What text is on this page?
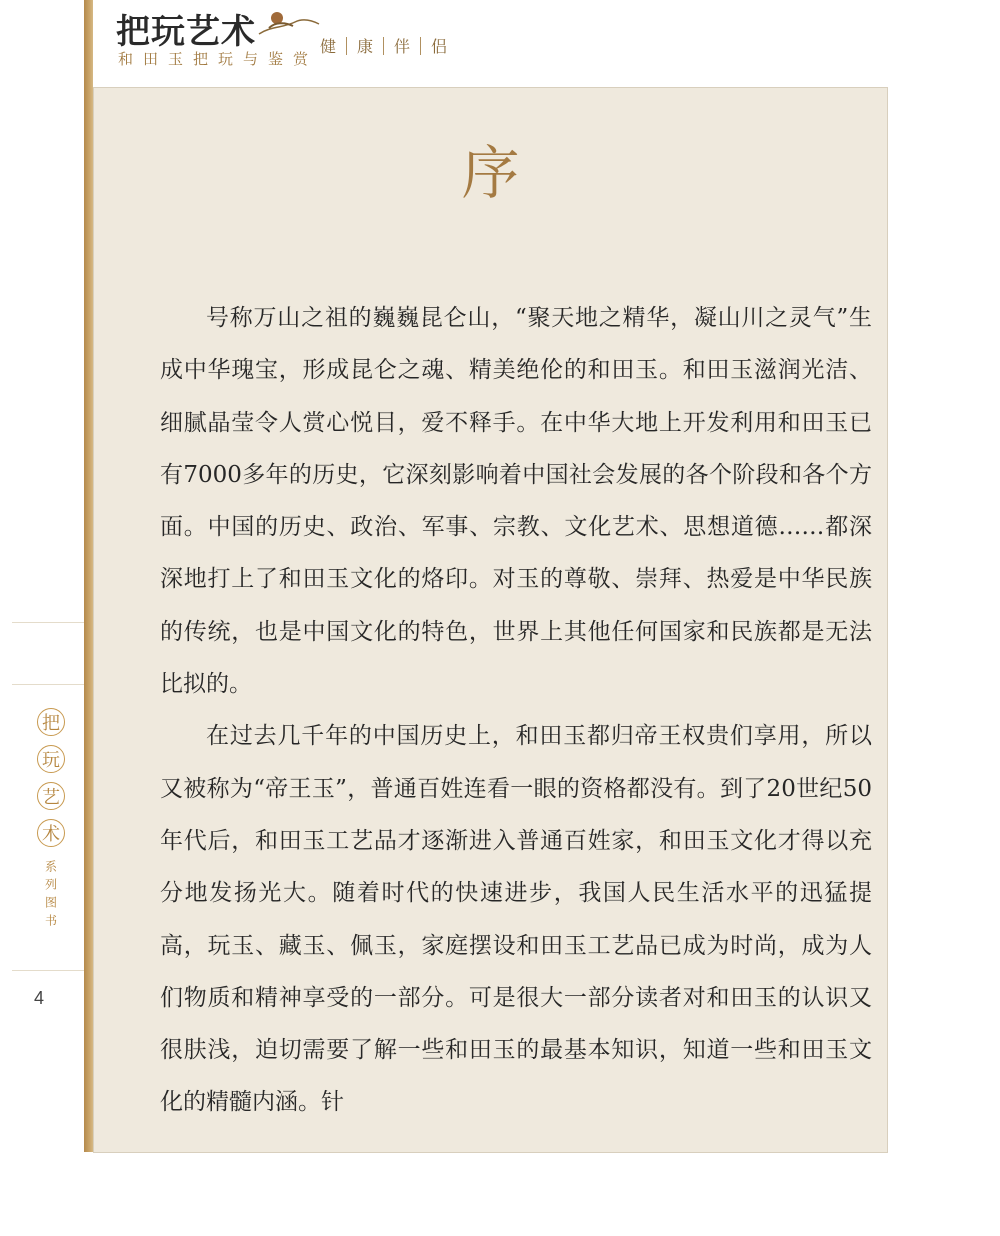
把玩艺术
和田玉把玩与鉴赏
健 康 伴 侣
把
玩
艺
术
系列图书
4
序

号称万山之祖的巍巍昆仑山，“聚天地之精华，凝山川之灵气”生成中华瑰宝，形成昆仑之魂、精美绝伦的和田玉。和田玉滋润光洁、细腻晶莹令人赏心悦目，爱不释手。在中华大地上开发利用和田玉已有7000多年的历史，它深刻影响着中国社会发展的各个阶段和各个方面。中国的历史、政治、军事、宗教、文化艺术、思想道德……都深深地打上了和田玉文化的烙印。对玉的尊敬、崇拜、热爱是中华民族的传统，也是中国文化的特色，世界上其他任何国家和民族都是无法比拟的。

在过去几千年的中国历史上，和田玉都归帝王权贵们享用，所以又被称为“帝王玉”，普通百姓连看一眼的资格都没有。到了20世纪50年代后，和田玉工艺品才逐渐进入普通百姓家，和田玉文化才得以充分地发扬光大。随着时代的快速进步，我国人民生活水平的迅猛提高，玩玉、藏玉、佩玉，家庭摆设和田玉工艺品已成为时尚，成为人们物质和精神享受的一部分。可是很大一部分读者对和田玉的认识又很肤浅，迫切需要了解一些和田玉的最基本知识，知道一些和田玉文化的精髓内涵。针
